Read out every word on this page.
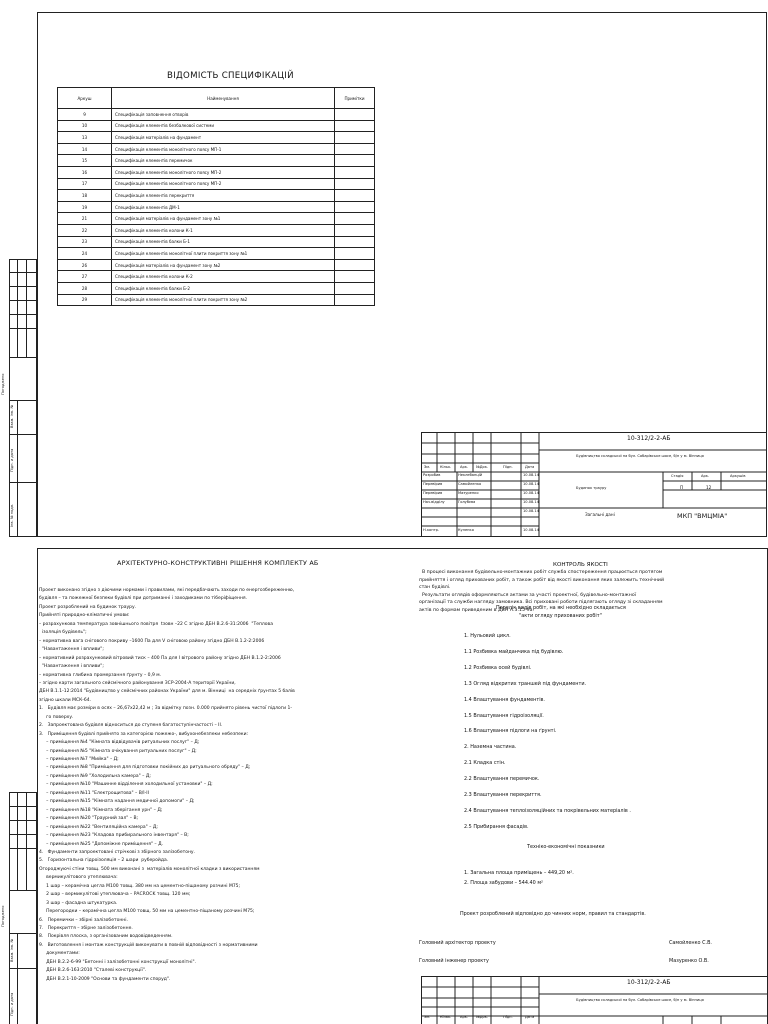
Погоджено
Взам. інв. №
Підп. и дата
Інв. № подл.
ВІДОМІСТЬ СПЕЦИФІКАЦІЙ
Аркуш	Найменування	Примітки
9	Специфікація заповнення отворів	
10	Специфікація елементів безбалкової системи	
13	Специфікація матеріалів на фундамент	
14	Специфікація елементів монолітного поясу МП-1	
15	Специфікація елементів перемичок	
16	Специфікація елементів монолітного поясу МП-2	
17	Специфікація елементів монолітного поясу МП-2	
18	Специфікація елементів перекриття	
19	Специфікація елементів ДМ-1	
21	Специфікація матеріалів на фундамент зону №1	
22	Специфікація елементів колони К-1	
23	Специфікація елементів балки Б-1	
24	Специфікація елементів монолітної плити покриття зону №1	
26	Специфікація матеріалів на фундамент зону №2	
27	Специфікація елементів колони К-2	
28	Специфікація елементів балки Б-2	
29	Специфікація елементів монолітної плити покриття зону №2	
10-312/2-2-АБ
Будівництво складської на бул. Сабарівське шосе, б/н у м. Вінниця
Зм.	Кільк. Арк. №Док.	Підп.	Дата
Розробив	Неклебанцій	10.08.14
Перевірив	Самойленко	10.08.14
Перевірив	Мазуренко	10.08.14
Нач.відділу	Голубєва	10.08.14
10.08.14
Н.контр.	Куленко	10.08.14
Стадія	Арк.	Аркушів
Будинок трауру	П	12
Загальні дані	МКП "ВМЦМІА"
Погоджено
Взам. інв. №
Підп. и дата
АРХІТЕКТУРНО-КОНСТРУКТИВНІ РІШЕННЯ КОМПЛЕКТУ АБ
Проект виконано згідно з діючими нормами і правилами, які передбачають заходи по енергозбереженню,
будівля – та пожежної безпеки будівлі при дотриманні і заходиками по тіберіфіщення.
Проект розроблений на будинок трауру.
Прийняті природно-кліматичні умови:
– розрахункова температура зовнішнього повітря  tзовн –22 С згідно ДБН В.2.6-31:2006  "Теплова
ізоляція будівель";
– нормативна вага снігового покриву –1600 Па для V сніговою району згідно ДБН В.1.2-2:2006
"Навантаження і впливи";
– нормативний розрахунковий вітровий тиск – 400 Па для I вітрового району згідно ДБН В.1.2-2:2006
"Навантаження і впливи";
– нормативна глибина промерзання ґрунту – 0,9 м.
– згідно карти загального сейсмічного районування ЗСР-2004-А території України,
ДБН В.1.1-12:2014 "Будівництво у сейсмічних районах України" для м. Вінниці  на середніх ґрунтах 5 балів
згідно шкали МСК-64.
1.   Будівля має розміри в осях – 26,67х22,42 м ; За відмітку позн. 0.000 прийнято рівень чистої підлоги 1-
го поверху.
2.   Запроектована будівля відноситься до ступеня багатоступінчастості – II.
3.   Приміщення будівлі прийнято за категорією пожежо-, вибухонебезпеки небезпеки:
– приміщення №4 "Кімната відвідувачів ритуальних послуг" – Д;
– приміщення №5 "Кімната очікування ритуальних послуг" – Д;
– приміщення №7 "Мийка" – Д;
– приміщення №8 "Приміщення для підготовки покійних до ритуального обряду" – Д;
– приміщення №9 "Холодильна камера" – Д;
– приміщення №10 "Машинне відділення холодильної установки" – Д;
– приміщення №11 "Електрощитова" – В/I-II
– приміщення №15 "Кімната надання медичної допомоги" – Д;
– приміщення №18 "Кімната зберігання урн" – Д;
– приміщення №20 "Траурний зал" – В;
– приміщення №22 "Вентиляційна камера" – Д;
– приміщення №23 "Кладова прибирального інвентаря" – В;
– приміщення №25 "Допоміжне приміщення" – Д.
4.   Фундаменти запроектовані стрічкові з збірного залізобетону.
5.   Горизонтальна гідроізоляція – 2 шари  руберойда.
Огороджуючі стіни товщ. 500 мм виконані з  матеріалів монолітної кладки з використанням
вермикулітового утеплювача:
1 шар – керамічна цегла М100 товщ. 380 мм на цементно-піщаному розчині М75;
2 шар – вермикулітові утеплювача – РАСROCK товщ. 120 мм;
3 шар – фасадна штукатурка.
Перегородки – керамічна цегла М100 товщ. 50 мм на цементно-піщаному розчині М75;
6.   Перемички – збірні залізобетонні.
7.   Перекриття – збірне залізобетонне.
8.   Покрівля плоска, з організованим водовідведенням.
9.   Виготовлення і монтаж конструкцій виконувати в повній відповідності з нормативними
документами:
ДБН В.2.2-6-99 "Бетонні і залізобетонні конструкції монолітні".
ДБН В.2.6-163:2010 "Сталеві конструкції".
ДБН В.2.1-10-2009 "Основи та фундаменти споруд".
КОНТРОЛЬ ЯКОСТІ
В процесі виконання будівельно-монтажних робіт служба спостереження працюється протягом
прийняття і огляд прихованих робіт, а також робіт від якості виконання яких залежить технічний
стан будівлі.
Результати оглядів оформляються актами за участі проектної, будівельно-монтажної
організації та служби нагляду замовника. Всі приховані роботи підлягають огляду зі складанням
актів по формам приведеним в ДБН А.3.15-9а.
Перелік видів робіт, на які необхідно складається
"акти огляду прихованих робіт"
1. Нульовий цикл.
1.1 Розбивка майданчика під будівлю.
1.2 Розбивка осей будівлі.
1.3 Огляд відкритих траншей під фундаменти.
1.4 Влаштування фундаментів.
1.5 Влаштування гідроізоляції.
1.6 Влаштування підлоги на ґрунті.
2. Наземна частина.
2.1 Кладка стін.
2.2 Влаштування перемичок.
2.3 Влаштування перекриття.
2.4 Влаштування теплоізоляційних та покрівельних матеріалів .
2.5 Прибирання фасадів.
Техніко-економічні показники
1. Загальна площа приміщень – 449,20 м².
2. Площа забудови – 544.40 м²
Проект розроблений відповідно до чинних норм, правил та стандартів.
Головний архітектор проекту	Самойленко С.В.
Головний інженер проекту	Мазуренко О.В.
10-312/2-2-АБ
Будівництво складської на бул. Сабарівське шосе, б/н у м. Вінниця
Зм.	Кільк. Арк. №Док.	Підп.	Дата
